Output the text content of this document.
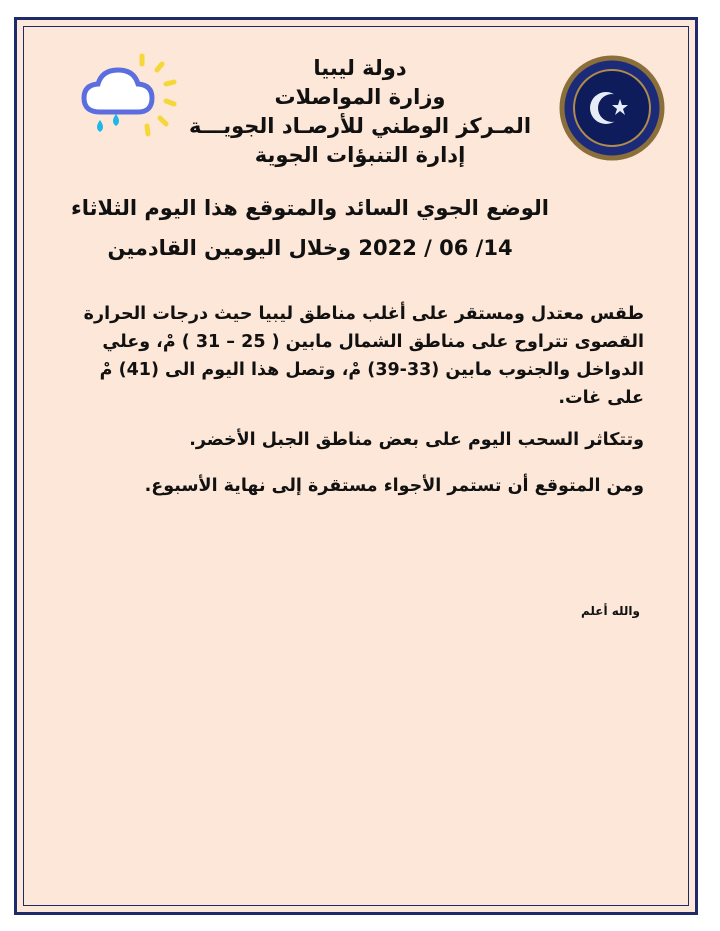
دولة ليبيا
وزارة المواصلات
المـركز الوطني للأرصـاد الجويـــة
إدارة التنبؤات الجوية
الوضع الجوي السائد والمتوقع هذا اليوم الثلاثاء
14/ 06 / 2022 وخلال اليومين القادمين

طقس معتدل ومستقر على أغلب مناطق ليبيا حيث درجات الحرارة القصوى تتراوح على مناطق الشمال مابين ( 25 – 31 ) مْ، وعلي الدواخل والجنوب مابين (33-39) مْ، وتصل هذا اليوم الى (41) مْ على غات.

وتتكاثر السحب اليوم على بعض مناطق الجبل الأخضر.

ومن المتوقع أن تستمر الأجواء مستقرة إلى نهاية الأسبوع.

والله أعلم
